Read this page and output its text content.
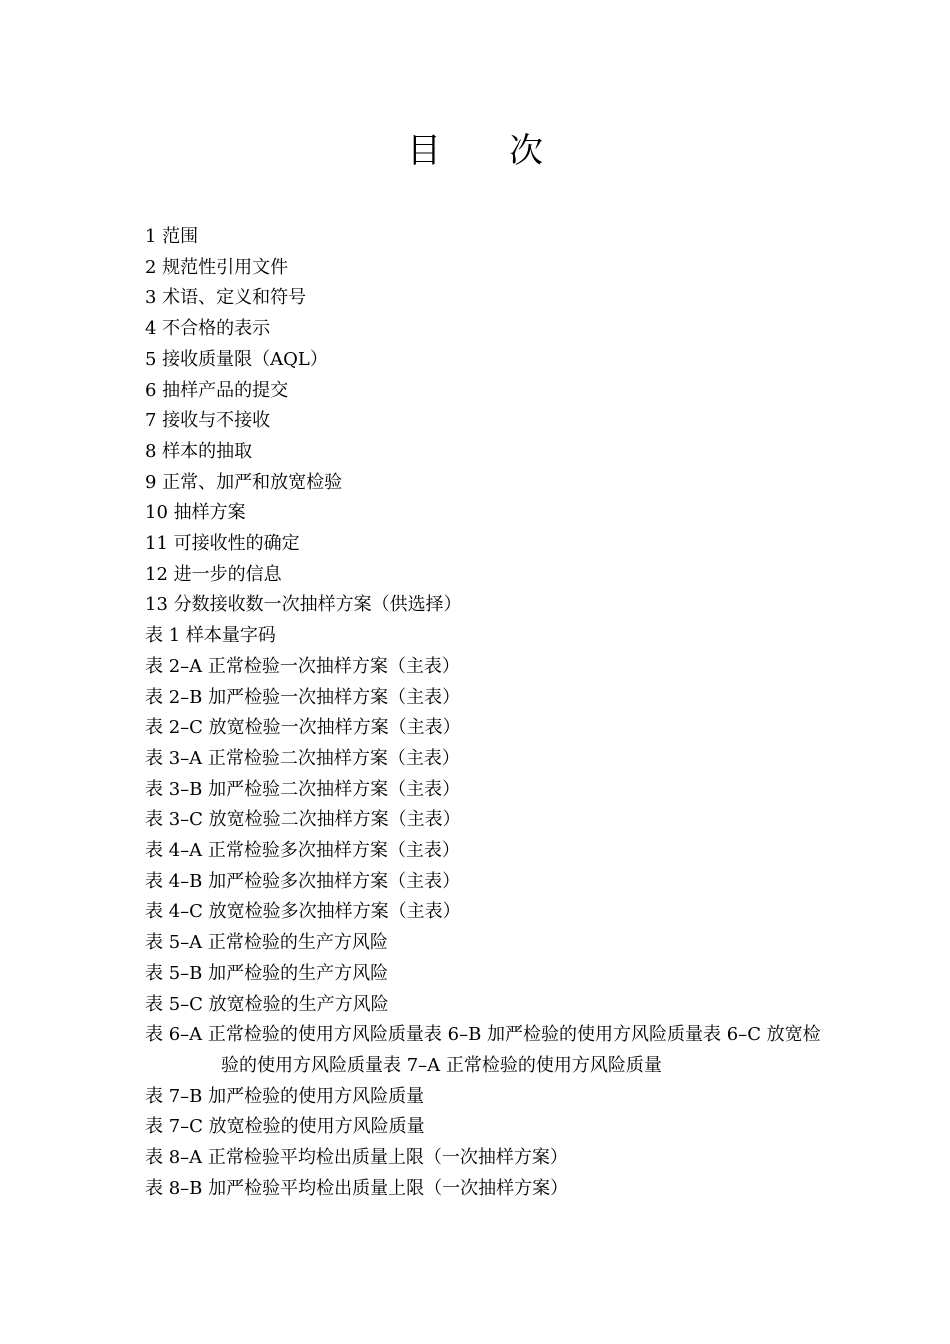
目 次
1 范围
2 规范性引用文件
3 术语、定义和符号
4 不合格的表示
5 接收质量限（AQL）
6 抽样产品的提交
7 接收与不接收
8 样本的抽取
9 正常、加严和放宽检验
10 抽样方案
11 可接收性的确定
12 进一步的信息
13 分数接收数一次抽样方案（供选择）
表 1 样本量字码
表 2–A 正常检验一次抽样方案（主表）
表 2–B 加严检验一次抽样方案（主表）
表 2–C 放宽检验一次抽样方案（主表）
表 3–A 正常检验二次抽样方案（主表）
表 3–B 加严检验二次抽样方案（主表）
表 3–C 放宽检验二次抽样方案（主表）
表 4–A 正常检验多次抽样方案（主表）
表 4–B 加严检验多次抽样方案（主表）
表 4–C 放宽检验多次抽样方案（主表）
表 5–A 正常检验的生产方风险
表 5–B 加严检验的生产方风险
表 5–C 放宽检验的生产方风险
表 6–A 正常检验的使用方风险质量表 6–B 加严检验的使用方风险质量表 6–C 放宽检验的使用方风险质量表 7–A 正常检验的使用方风险质量
表 7–B 加严检验的使用方风险质量
表 7–C 放宽检验的使用方风险质量
表 8–A 正常检验平均检出质量上限（一次抽样方案）
表 8–B 加严检验平均检出质量上限（一次抽样方案）
